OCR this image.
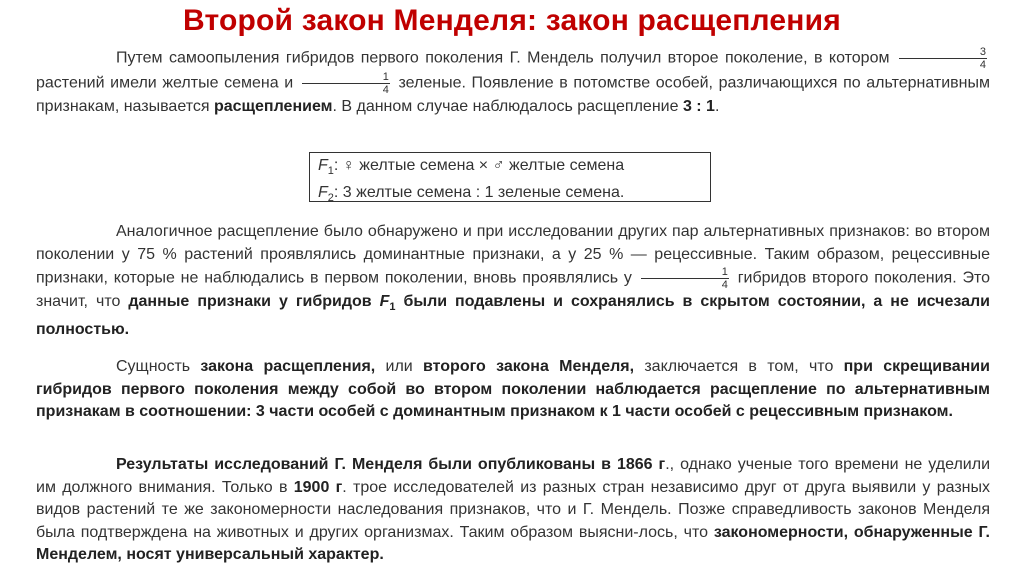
Второй закон Менделя: закон расщепления
Путем самоопыления гибридов первого поколения Г. Мендель получил второе поколение, в котором $\frac{3}{4}$
растений имели желтые семена и $\frac{1}{4}$ зеленые. Появление в потомстве особей, различающихся по альтернативным признакам, называется расщеплением. В данном случае наблюдалось расщепление 3 : 1.
$F_1$: ♀ желтые семена × ♂ желтые семена
$F_2$: 3 желтые семена : 1 зеленые семена.
Аналогичное расщепление было обнаружено и при исследовании других пар альтернативных признаков: во втором поколении у 75 % растений проявлялись доминантные признаки, а у 25 % — рецессивные. Таким образом, рецессивные признаки, которые не наблюдались в первом поколении, вновь проявлялись у $\frac{1}{4}$ гибридов второго поколения. Это значит, что данные признаки у гибридов $F_1$ были подавлены и сохранялись в скрытом состоянии, а не исчезали полностью.
Сущность закона расщепления, или второго закона Менделя, заключается в том, что при скрещивании гибридов первого поколения между собой во втором поколении наблюдается расщепление по альтернативным признакам в соотношении: 3 части особей с доминантным признаком к 1 части особей с рецессивным признаком.
Результаты исследований Г. Менделя были опубликованы в 1866 г., однако ученые того времени не уделили им должного внимания. Только в 1900 г. трое исследователей из разных стран независимо друг от друга выявили у разных видов растений те же закономерности наследования признаков, что и Г. Мендель. Позже справедливость законов Менделя была подтверждена на животных и других организмах. Таким образом выясни-лось, что закономерности, обнаруженные Г. Менделем, носят универсальный характер.
